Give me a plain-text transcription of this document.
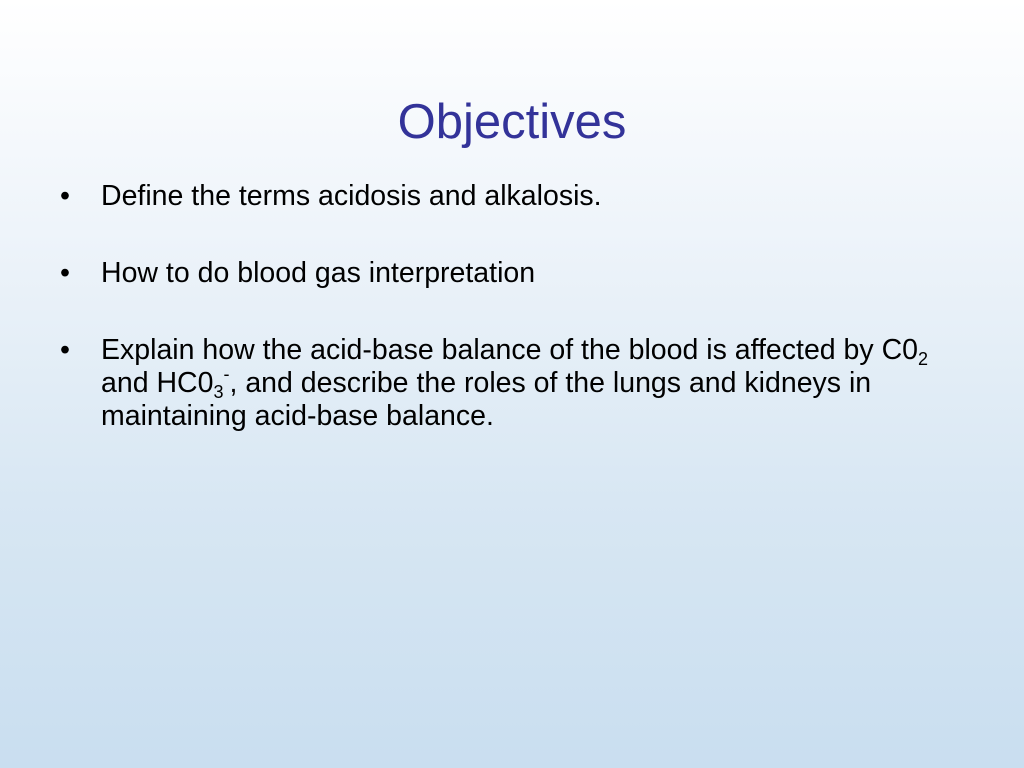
Objectives
• Define the terms acidosis and alkalosis.
• How to do blood gas interpretation
• Explain how the acid-base balance of the blood is affected by $C0_2$ and $HC0_3^-$, and describe the roles of the lungs and kidneys in maintaining acid-base balance.
